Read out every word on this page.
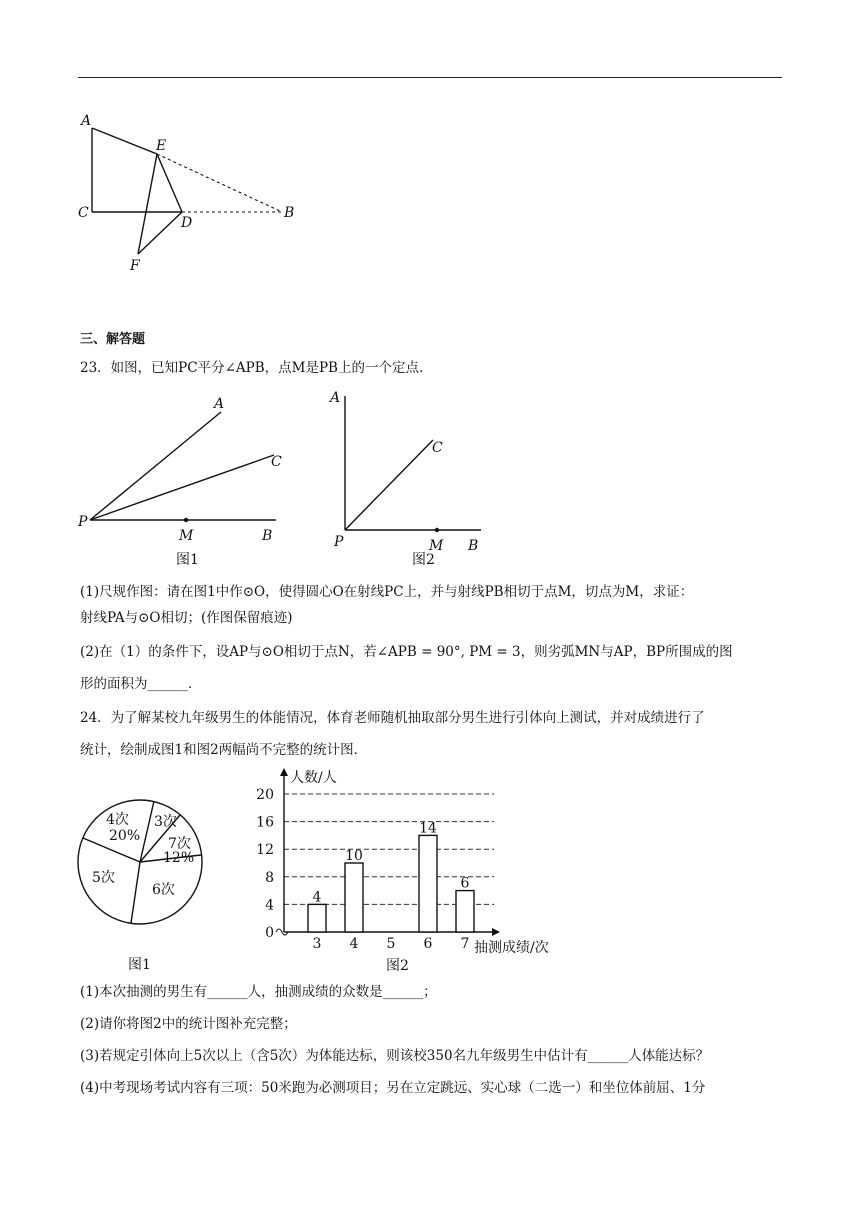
A
E
C
D
B
F
三、解答题
23．如图，已知PC平分∠APB，点M是PB上的一个定点．
A
C
P
M	B
图1
A
C
P	M B
图2
(1)尺规作图：请在图1中作⊙O，使得圆心O在射线PC上，并与射线PB相切于点M，切点为M，求证：
射线PA与⊙O相切；(作图保留痕迹)
(2)在（1）的条件下，设AP与⊙O相切于点N，若∠APB = 90°, PM = 3，则劣弧MN与AP，BP所围成的图
形的面积为______．
24．为了解某校九年级男生的体能情况，体育老师随机抽取部分男生进行引体向上测试，并对成绩进行了
统计，绘制成图1和图2两幅尚不完整的统计图．
4次
20%
3次
7次
12%
5次
6次
图1
0
4
8
12
16
20
3 4 5 6 7
4
10
14
6
人数/人
抽测成绩/次
图2
(1)本次抽测的男生有______人，抽测成绩的众数是______；
(2)请你将图2中的统计图补充完整；
(3)若规定引体向上5次以上（含5次）为体能达标，则该校350名九年级男生中估计有______人体能达标？
(4)中考现场考试内容有三项：50米跑为必测项目；另在立定跳远、实心球（二选一）和坐位体前屈、1分
